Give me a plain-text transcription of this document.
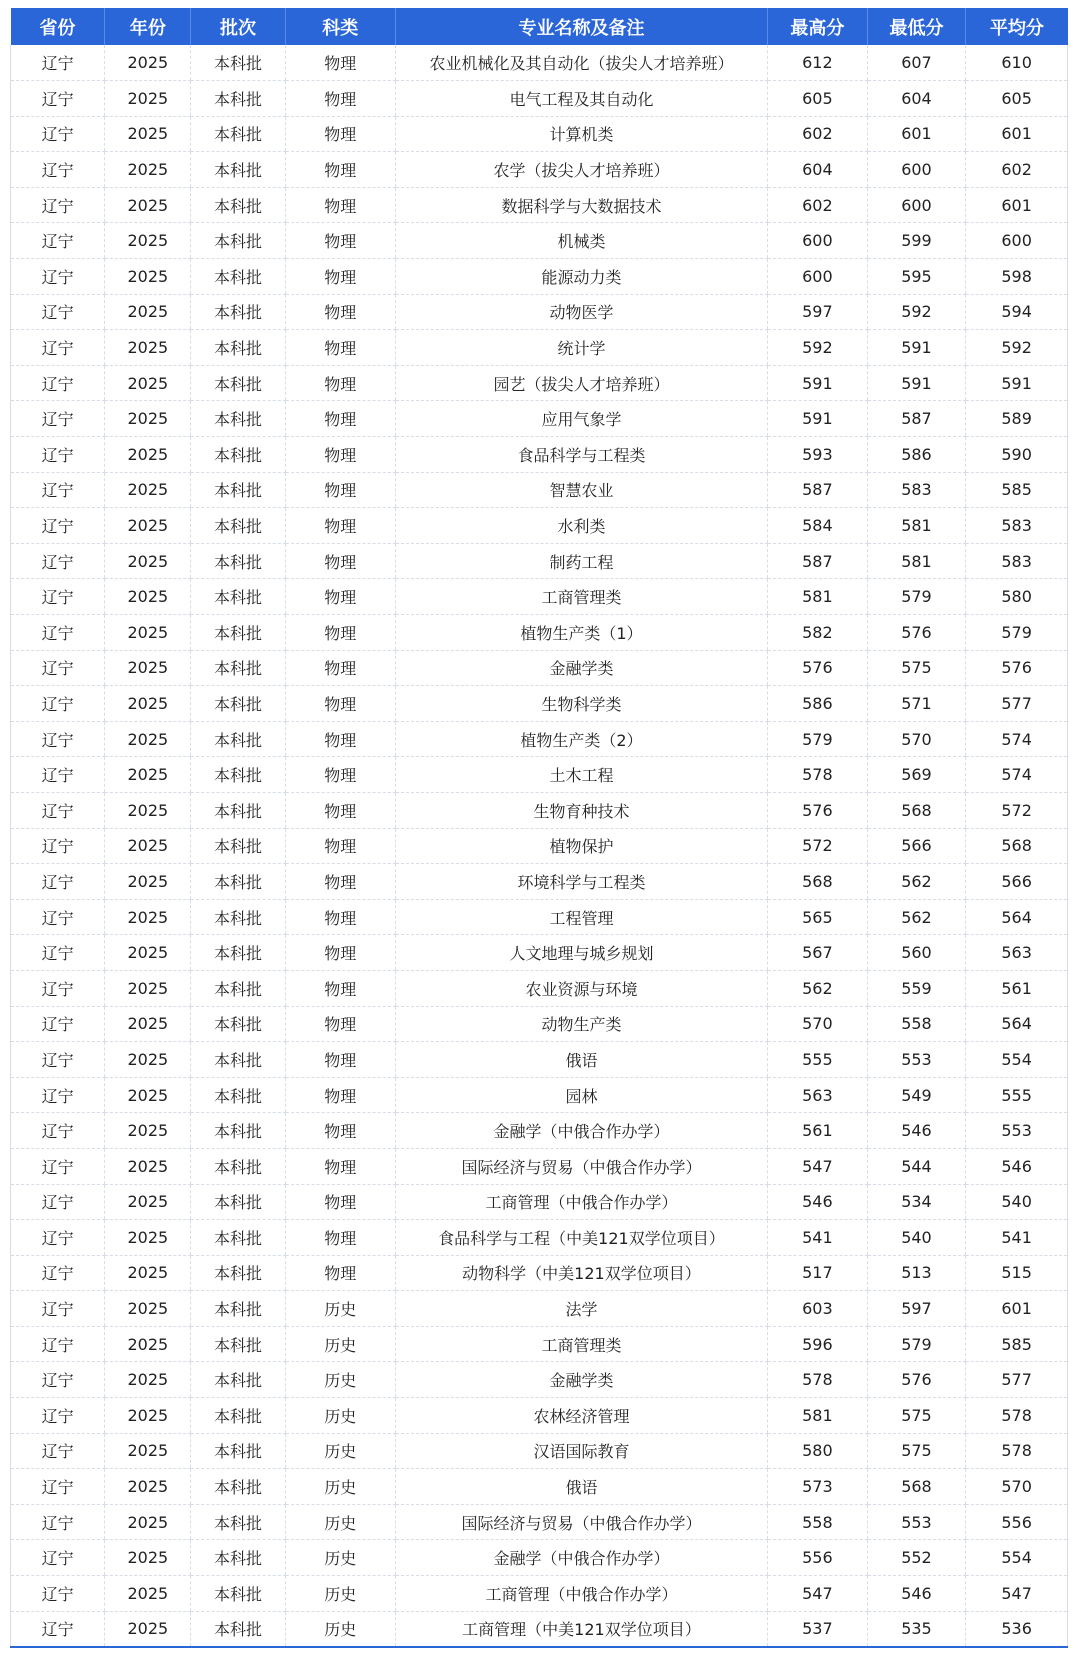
省份	年份	批次	科类	专业名称及备注	最高分	最低分	平均分
辽宁	2025	本科批	物理	农业机械化及其自动化（拔尖人才培养班）	612	607	610
辽宁	2025	本科批	物理	电气工程及其自动化	605	604	605
辽宁	2025	本科批	物理	计算机类	602	601	601
辽宁	2025	本科批	物理	农学（拔尖人才培养班）	604	600	602
辽宁	2025	本科批	物理	数据科学与大数据技术	602	600	601
辽宁	2025	本科批	物理	机械类	600	599	600
辽宁	2025	本科批	物理	能源动力类	600	595	598
辽宁	2025	本科批	物理	动物医学	597	592	594
辽宁	2025	本科批	物理	统计学	592	591	592
辽宁	2025	本科批	物理	园艺（拔尖人才培养班）	591	591	591
辽宁	2025	本科批	物理	应用气象学	591	587	589
辽宁	2025	本科批	物理	食品科学与工程类	593	586	590
辽宁	2025	本科批	物理	智慧农业	587	583	585
辽宁	2025	本科批	物理	水利类	584	581	583
辽宁	2025	本科批	物理	制药工程	587	581	583
辽宁	2025	本科批	物理	工商管理类	581	579	580
辽宁	2025	本科批	物理	植物生产类（1）	582	576	579
辽宁	2025	本科批	物理	金融学类	576	575	576
辽宁	2025	本科批	物理	生物科学类	586	571	577
辽宁	2025	本科批	物理	植物生产类（2）	579	570	574
辽宁	2025	本科批	物理	土木工程	578	569	574
辽宁	2025	本科批	物理	生物育种技术	576	568	572
辽宁	2025	本科批	物理	植物保护	572	566	568
辽宁	2025	本科批	物理	环境科学与工程类	568	562	566
辽宁	2025	本科批	物理	工程管理	565	562	564
辽宁	2025	本科批	物理	人文地理与城乡规划	567	560	563
辽宁	2025	本科批	物理	农业资源与环境	562	559	561
辽宁	2025	本科批	物理	动物生产类	570	558	564
辽宁	2025	本科批	物理	俄语	555	553	554
辽宁	2025	本科批	物理	园林	563	549	555
辽宁	2025	本科批	物理	金融学（中俄合作办学）	561	546	553
辽宁	2025	本科批	物理	国际经济与贸易（中俄合作办学）	547	544	546
辽宁	2025	本科批	物理	工商管理（中俄合作办学）	546	534	540
辽宁	2025	本科批	物理	食品科学与工程（中美121双学位项目）	541	540	541
辽宁	2025	本科批	物理	动物科学（中美121双学位项目）	517	513	515
辽宁	2025	本科批	历史	法学	603	597	601
辽宁	2025	本科批	历史	工商管理类	596	579	585
辽宁	2025	本科批	历史	金融学类	578	576	577
辽宁	2025	本科批	历史	农林经济管理	581	575	578
辽宁	2025	本科批	历史	汉语国际教育	580	575	578
辽宁	2025	本科批	历史	俄语	573	568	570
辽宁	2025	本科批	历史	国际经济与贸易（中俄合作办学）	558	553	556
辽宁	2025	本科批	历史	金融学（中俄合作办学）	556	552	554
辽宁	2025	本科批	历史	工商管理（中俄合作办学）	547	546	547
辽宁	2025	本科批	历史	工商管理（中美121双学位项目）	537	535	536
